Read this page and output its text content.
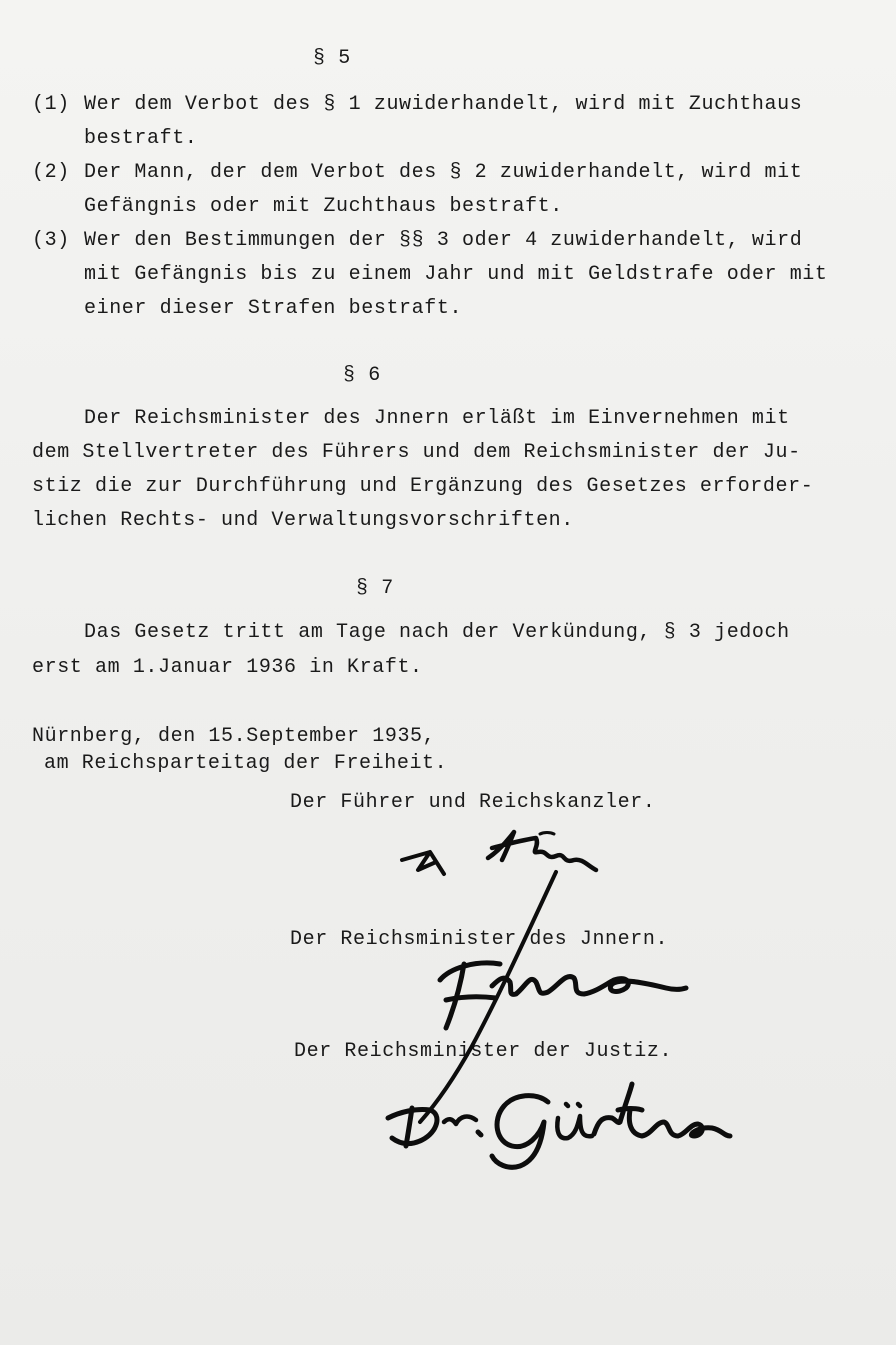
§ 5
(1) Wer dem Verbot des § 1 zuwiderhandelt, wird mit Zuchthaus
bestraft.
(2) Der Mann, der dem Verbot des § 2 zuwiderhandelt, wird mit
Gefängnis oder mit Zuchthaus bestraft.
(3) Wer den Bestimmungen der §§ 3 oder 4 zuwiderhandelt, wird
mit Gefängnis bis zu einem Jahr und mit Geldstrafe oder mit
einer dieser Strafen bestraft.
§ 6
Der Reichsminister des Jnnern erläßt im Einvernehmen mit
dem Stellvertreter des Führers und dem Reichsminister der Ju-
stiz die zur Durchführung und Ergänzung des Gesetzes erforder-
lichen Rechts- und Verwaltungsvorschriften.
§ 7
Das Gesetz tritt am Tage nach der Verkündung, § 3 jedoch
erst am 1.Januar 1936 in Kraft.
Nürnberg, den 15.September 1935,
am Reichsparteitag der Freiheit.
Der Führer und Reichskanzler.
Der Reichsminister des Jnnern.
Der Reichsminister der Justiz.
